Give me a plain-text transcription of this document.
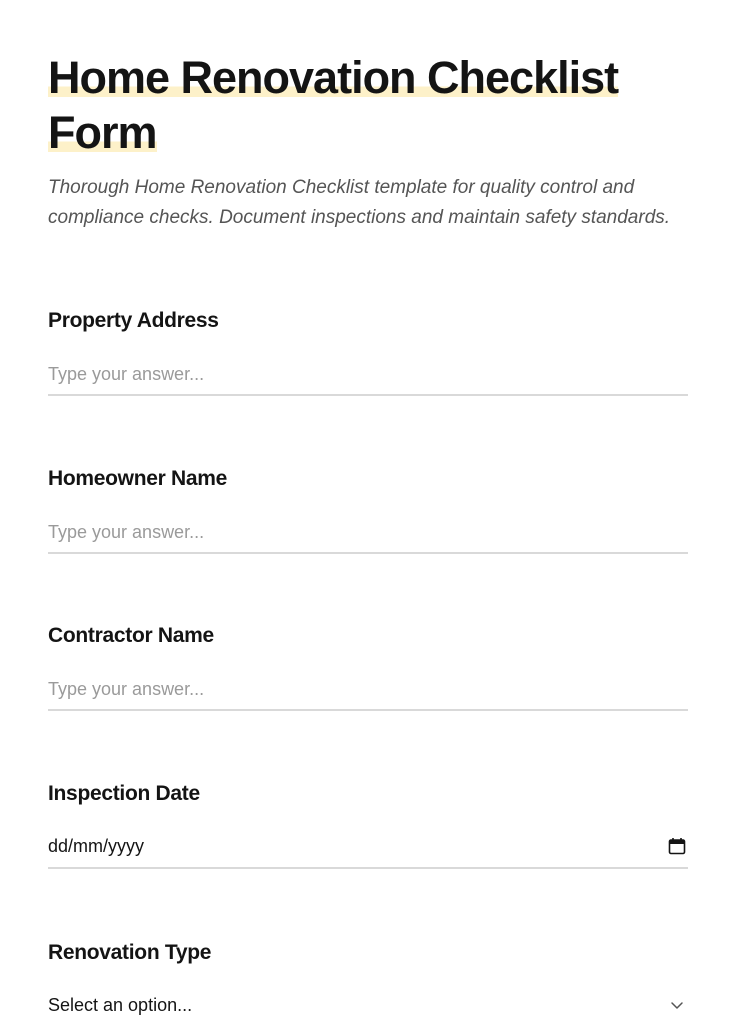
Home Renovation Checklist Form

Thorough Home Renovation Checklist template for quality control and compliance checks. Document inspections and maintain safety standards.

Property Address
Type your answer...
Homeowner Name
Type your answer...
Contractor Name
Type your answer...
Inspection Date
dd/mm/yyyy
Renovation Type
Select an option...
